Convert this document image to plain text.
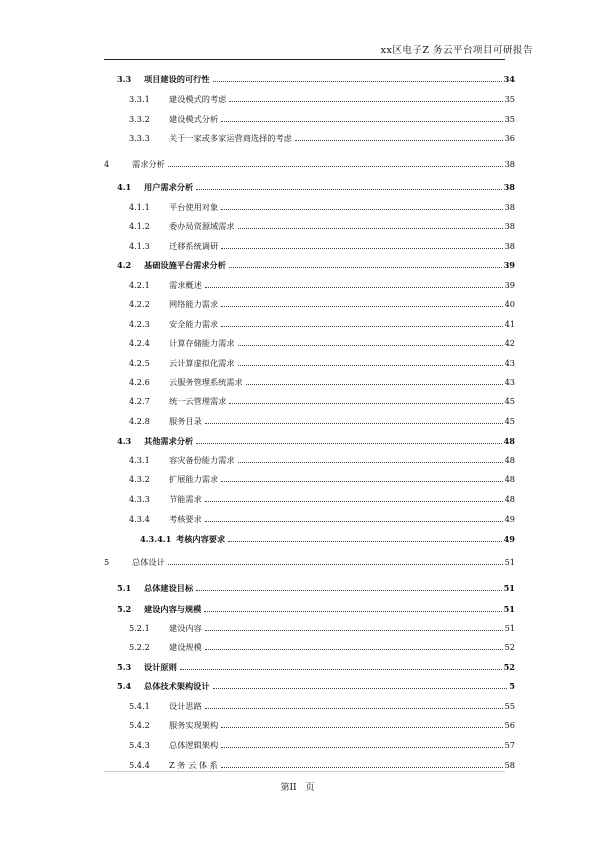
xx区电子Z 务云平台项目可研报告
3.3	项目建设的可行性	34
3.3.1	建设模式的考虑	35
3.3.2	建设模式分析	35
3.3.3	关于一家或多家运营商选择的考虑	36
4	需求分析	38
4.1	用户需求分析	38
4.1.1	平台使用对象	38
4.1.2	委办局资源域需求	38
4.1.3	迁移系统调研	38
4.2	基础设施平台需求分析	39
4.2.1	需求概述	39
4.2.2	网络能力需求	40
4.2.3	安全能力需求	41
4.2.4	计算存储能力需求	42
4.2.5	云计算虚拟化需求	43
4.2.6	云服务管理系统需求	43
4.2.7	统一云管理需求	45
4.2.8	服务目录	45
4.3	其他需求分析	48
4.3.1	容灾备份能力需求	48
4.3.2	扩展能力需求	48
4.3.3	节能需求	48
4.3.4	考核要求	49
4.3.4.1 考核内容要求	49
5	总体设计	51
5.1	总体建设目标	51
5.2	建设内容与规模	51
5.2.1	建设内容	51
5.2.2	建设规模	52
5.3	设计原则	52
5.4	总体技术架构设计	5
5.4.1	设计思路	55
5.4.2	服务实现架构	56
5.4.3	总体逻辑架构	57
5.4.4	Z 务 云 体 系	58
第II　页
